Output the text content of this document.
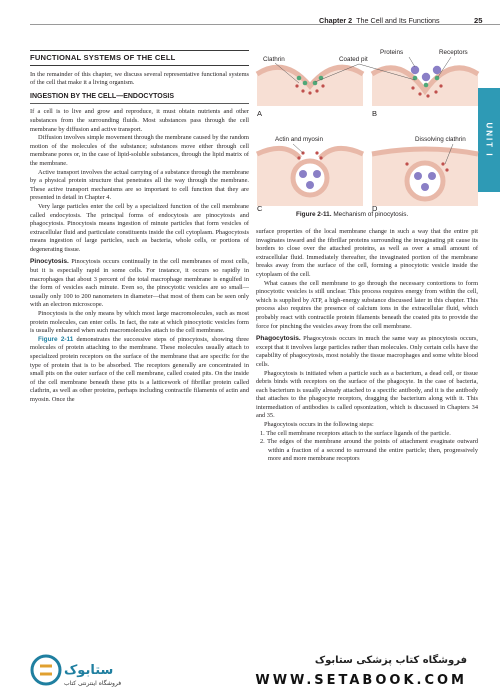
Chapter 2 The Cell and Its Functions	25
UNIT I
FUNCTIONAL SYSTEMS OF THE CELL

In the remainder of this chapter, we discuss several representative functional systems of the cell that make it a living organism.

INGESTION BY THE CELL—ENDOCYTOSIS

If a cell is to live and grow and reproduce, it must obtain nutrients and other substances from the surrounding fluids. Most substances pass through the cell membrane by diffusion and active transport.

Diffusion involves simple movement through the membrane caused by the random motion of the molecules of the substance; substances move either through cell membrane pores or, in the case of lipid-soluble substances, through the lipid matrix of the membrane.

Active transport involves the actual carrying of a substance through the membrane by a physical protein structure that penetrates all the way through the membrane. These active transport mechanisms are so important to cell function that they are presented in detail in Chapter 4.

Very large particles enter the cell by a specialized function of the cell membrane called endocytosis. The principal forms of endocytosis are pinocytosis and phagocytosis. Pinocytosis means ingestion of minute particles that form vesicles of extracellular fluid and particulate constituents inside the cell cytoplasm. Phagocytosis means ingestion of large particles, such as bacteria, whole cells, or portions of degenerating tissue.

Pinocytosis. Pinocytosis occurs continually in the cell membranes of most cells, but it is especially rapid in some cells. For instance, it occurs so rapidly in macrophages that about 3 percent of the total macrophage membrane is engulfed in the form of vesicles each minute. Even so, the pinocytotic vesicles are so small—usually only 100 to 200 nanometers in diameter—that most of them can be seen only with an electron microscope.

Pinocytosis is the only means by which most large macromolecules, such as most protein molecules, can enter cells. In fact, the rate at which pinocytotic vesicles form is usually enhanced when such macromolecules attach to the cell membrane.

Figure 2-11 demonstrates the successive steps of pinocytosis, showing three molecules of protein attaching to the membrane. These molecules usually attach to specialized protein receptors on the surface of the membrane that are specific for the type of protein that is to be absorbed. The receptors generally are concentrated in small pits on the outer surface of the cell membrane, called coated pits. On the inside of the cell membrane beneath these pits is a latticework of fibrillar protein called clathrin, as well as other proteins, perhaps including contractile filaments of actin and myosin. Once the

Clathrin	Coated pit
Proteins	Receptors
Actin and myosin	Dissolving clathrin
A	B
C	D
Figure 2-11. Mechanism of pinocytosis.

surface properties of the local membrane change in such a way that the entire pit invaginates inward and the fibrillar proteins surrounding the invaginating pit cause its borders to close over the attached proteins, as well as over a small amount of extracellular fluid. Immediately thereafter, the invaginated portion of the membrane breaks away from the surface of the cell, forming a pinocytotic vesicle inside the cytoplasm of the cell.

What causes the cell membrane to go through the necessary contortions to form pinocytotic vesicles is still unclear. This process requires energy from within the cell, which is supplied by ATP, a high-energy substance discussed later in this chapter. This process also requires the presence of calcium ions in the extracellular fluid, which probably react with contractile protein filaments beneath the coated pits to provide the force for pinching the vesicles away from the cell membrane.

Phagocytosis. Phagocytosis occurs in much the same way as pinocytosis occurs, except that it involves large particles rather than molecules. Only certain cells have the capability of phagocytosis, most notably the tissue macrophages and some white blood cells.

Phagocytosis is initiated when a particle such as a bacterium, a dead cell, or tissue debris binds with receptors on the surface of the phagocyte. In the case of bacteria, each bacterium is usually already attached to a specific antibody, and it is the antibody that attaches to the phagocyte receptors, dragging the bacterium along with it. This intermediation of antibodies is called opsonization, which is discussed in Chapters 34 and 35.

Phagocytosis occurs in the following steps:

1. The cell membrane receptors attach to the surface ligands of the particle.

2. The edges of the membrane around the points of attachment evaginate outward within a fraction of a second to surround the entire particle; then, progressively more and more membrane receptors

ستابوک
فروشگاه اینترنتی کتاب
فروشگاه کتاب پزشکی ستابوک
WWW.SETABOOK.COM
